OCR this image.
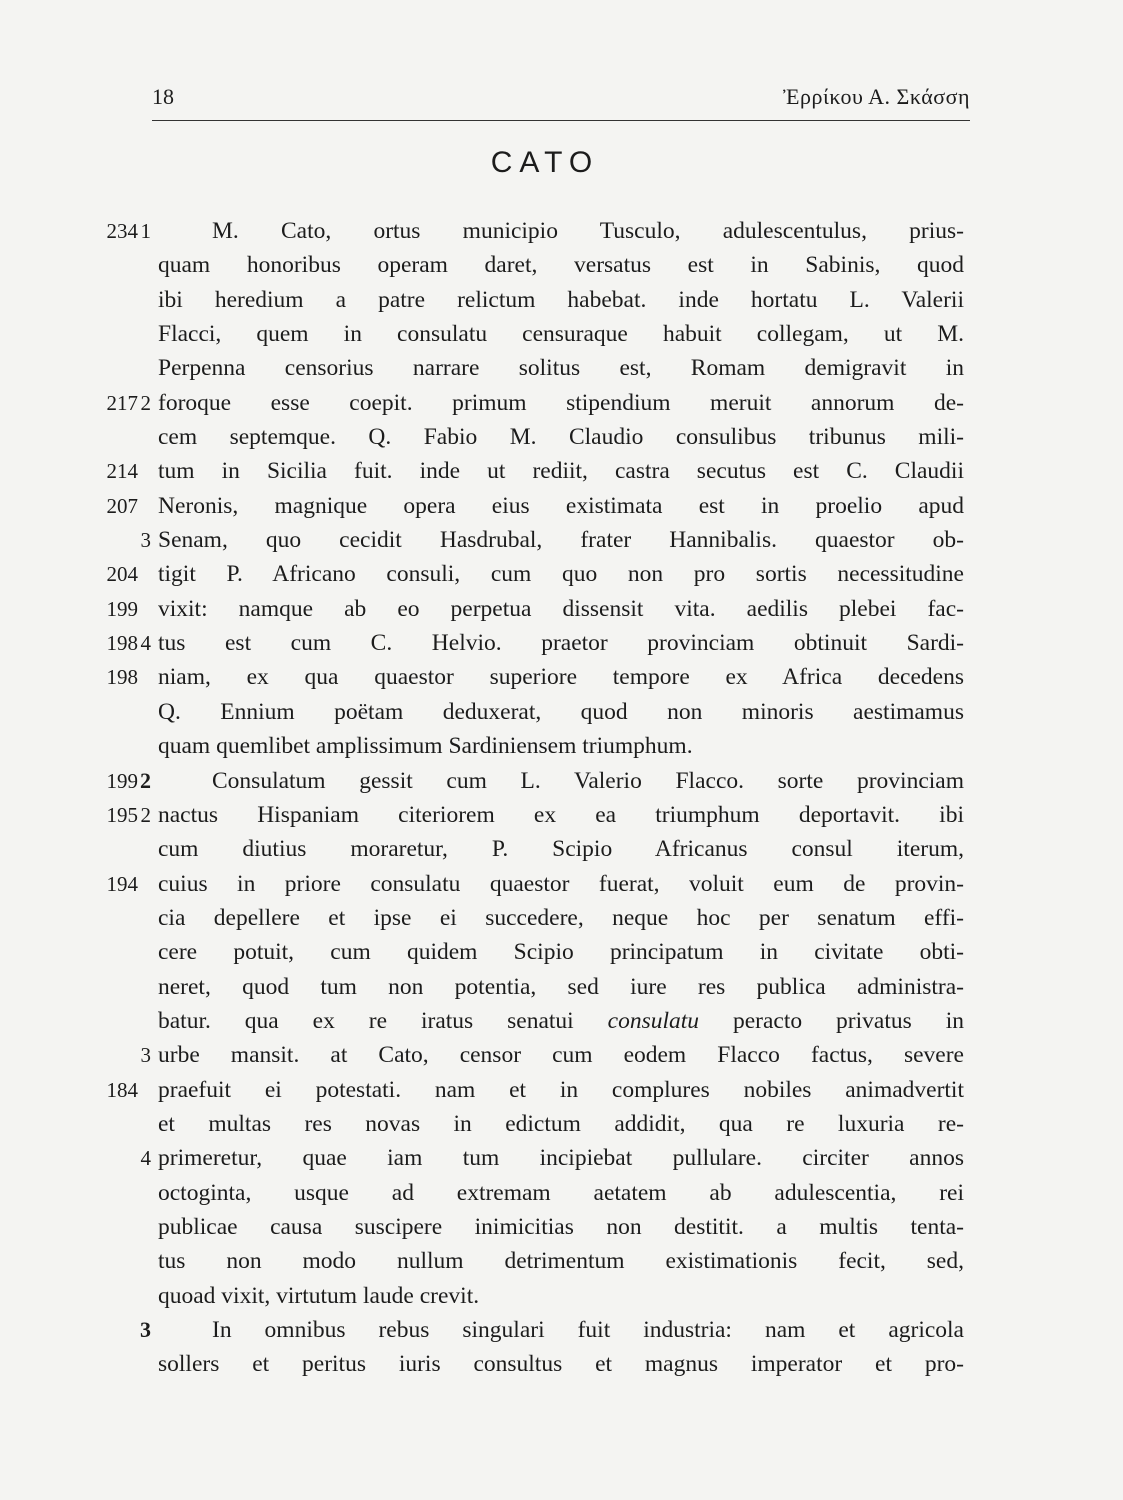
18	Ἐρρίκου Α. Σκάσση
CATO
234 1	M. Cato, ortus municipio Tusculo, adulescentulus, prius-
quam honoribus operam daret, versatus est in Sabinis, quod
ibi heredium a patre relictum habebat. inde hortatu L. Valerii
Flacci, quem in consulatu censuraque habuit collegam, ut M.
Perpenna censorius narrare solitus est, Romam demigravit in
217 2 foroque esse coepit. primum stipendium meruit annorum de-
cem septemque. Q. Fabio M. Claudio consulibus tribunus mili-
214 tum in Sicilia fuit. inde ut rediit, castra secutus est C. Claudii
207 Neronis, magnique opera eius existimata est in proelio apud
3 Senam, quo cecidit Hasdrubal, frater Hannibalis. quaestor ob-
204 tigit P. Africano consuli, cum quo non pro sortis necessitudine
199 vixit: namque ab eo perpetua dissensit vita. aedilis plebei fac-
198 4 tus est cum C. Helvio. praetor provinciam obtinuit Sardi-
198 niam, ex qua quaestor superiore tempore ex Africa decedens
Q. Ennium poëtam deduxerat, quod non minoris aestimamus
quam quemlibet amplissimum Sardiniensem triumphum.
199 2	Consulatum gessit cum L. Valerio Flacco. sorte provinciam
195 2 nactus Hispaniam citeriorem ex ea triumphum deportavit. ibi
cum diutius moraretur, P. Scipio Africanus consul iterum,
194 cuius in priore consulatu quaestor fuerat, voluit eum de provin-
cia depellere et ipse ei succedere, neque hoc per senatum effi-
cere potuit, cum quidem Scipio principatum in civitate obti-
neret, quod tum non potentia, sed iure res publica administra-
batur. qua ex re iratus senatui consulatu peracto privatus in
3 urbe mansit. at Cato, censor cum eodem Flacco factus, severe
184 praefuit ei potestati. nam et in complures nobiles animadvertit
et multas res novas in edictum addidit, qua re luxuria re-
4 primeretur, quae iam tum incipiebat pullulare. circiter annos
octoginta, usque ad extremam aetatem ab adulescentia, rei
publicae causa suscipere inimicitias non destitit. a multis tenta-
tus non modo nullum detrimentum existimationis fecit, sed,
quoad vixit, virtutum laude crevit.
3	In omnibus rebus singulari fuit industria: nam et agricola
sollers et peritus iuris consultus et magnus imperator et pro-
